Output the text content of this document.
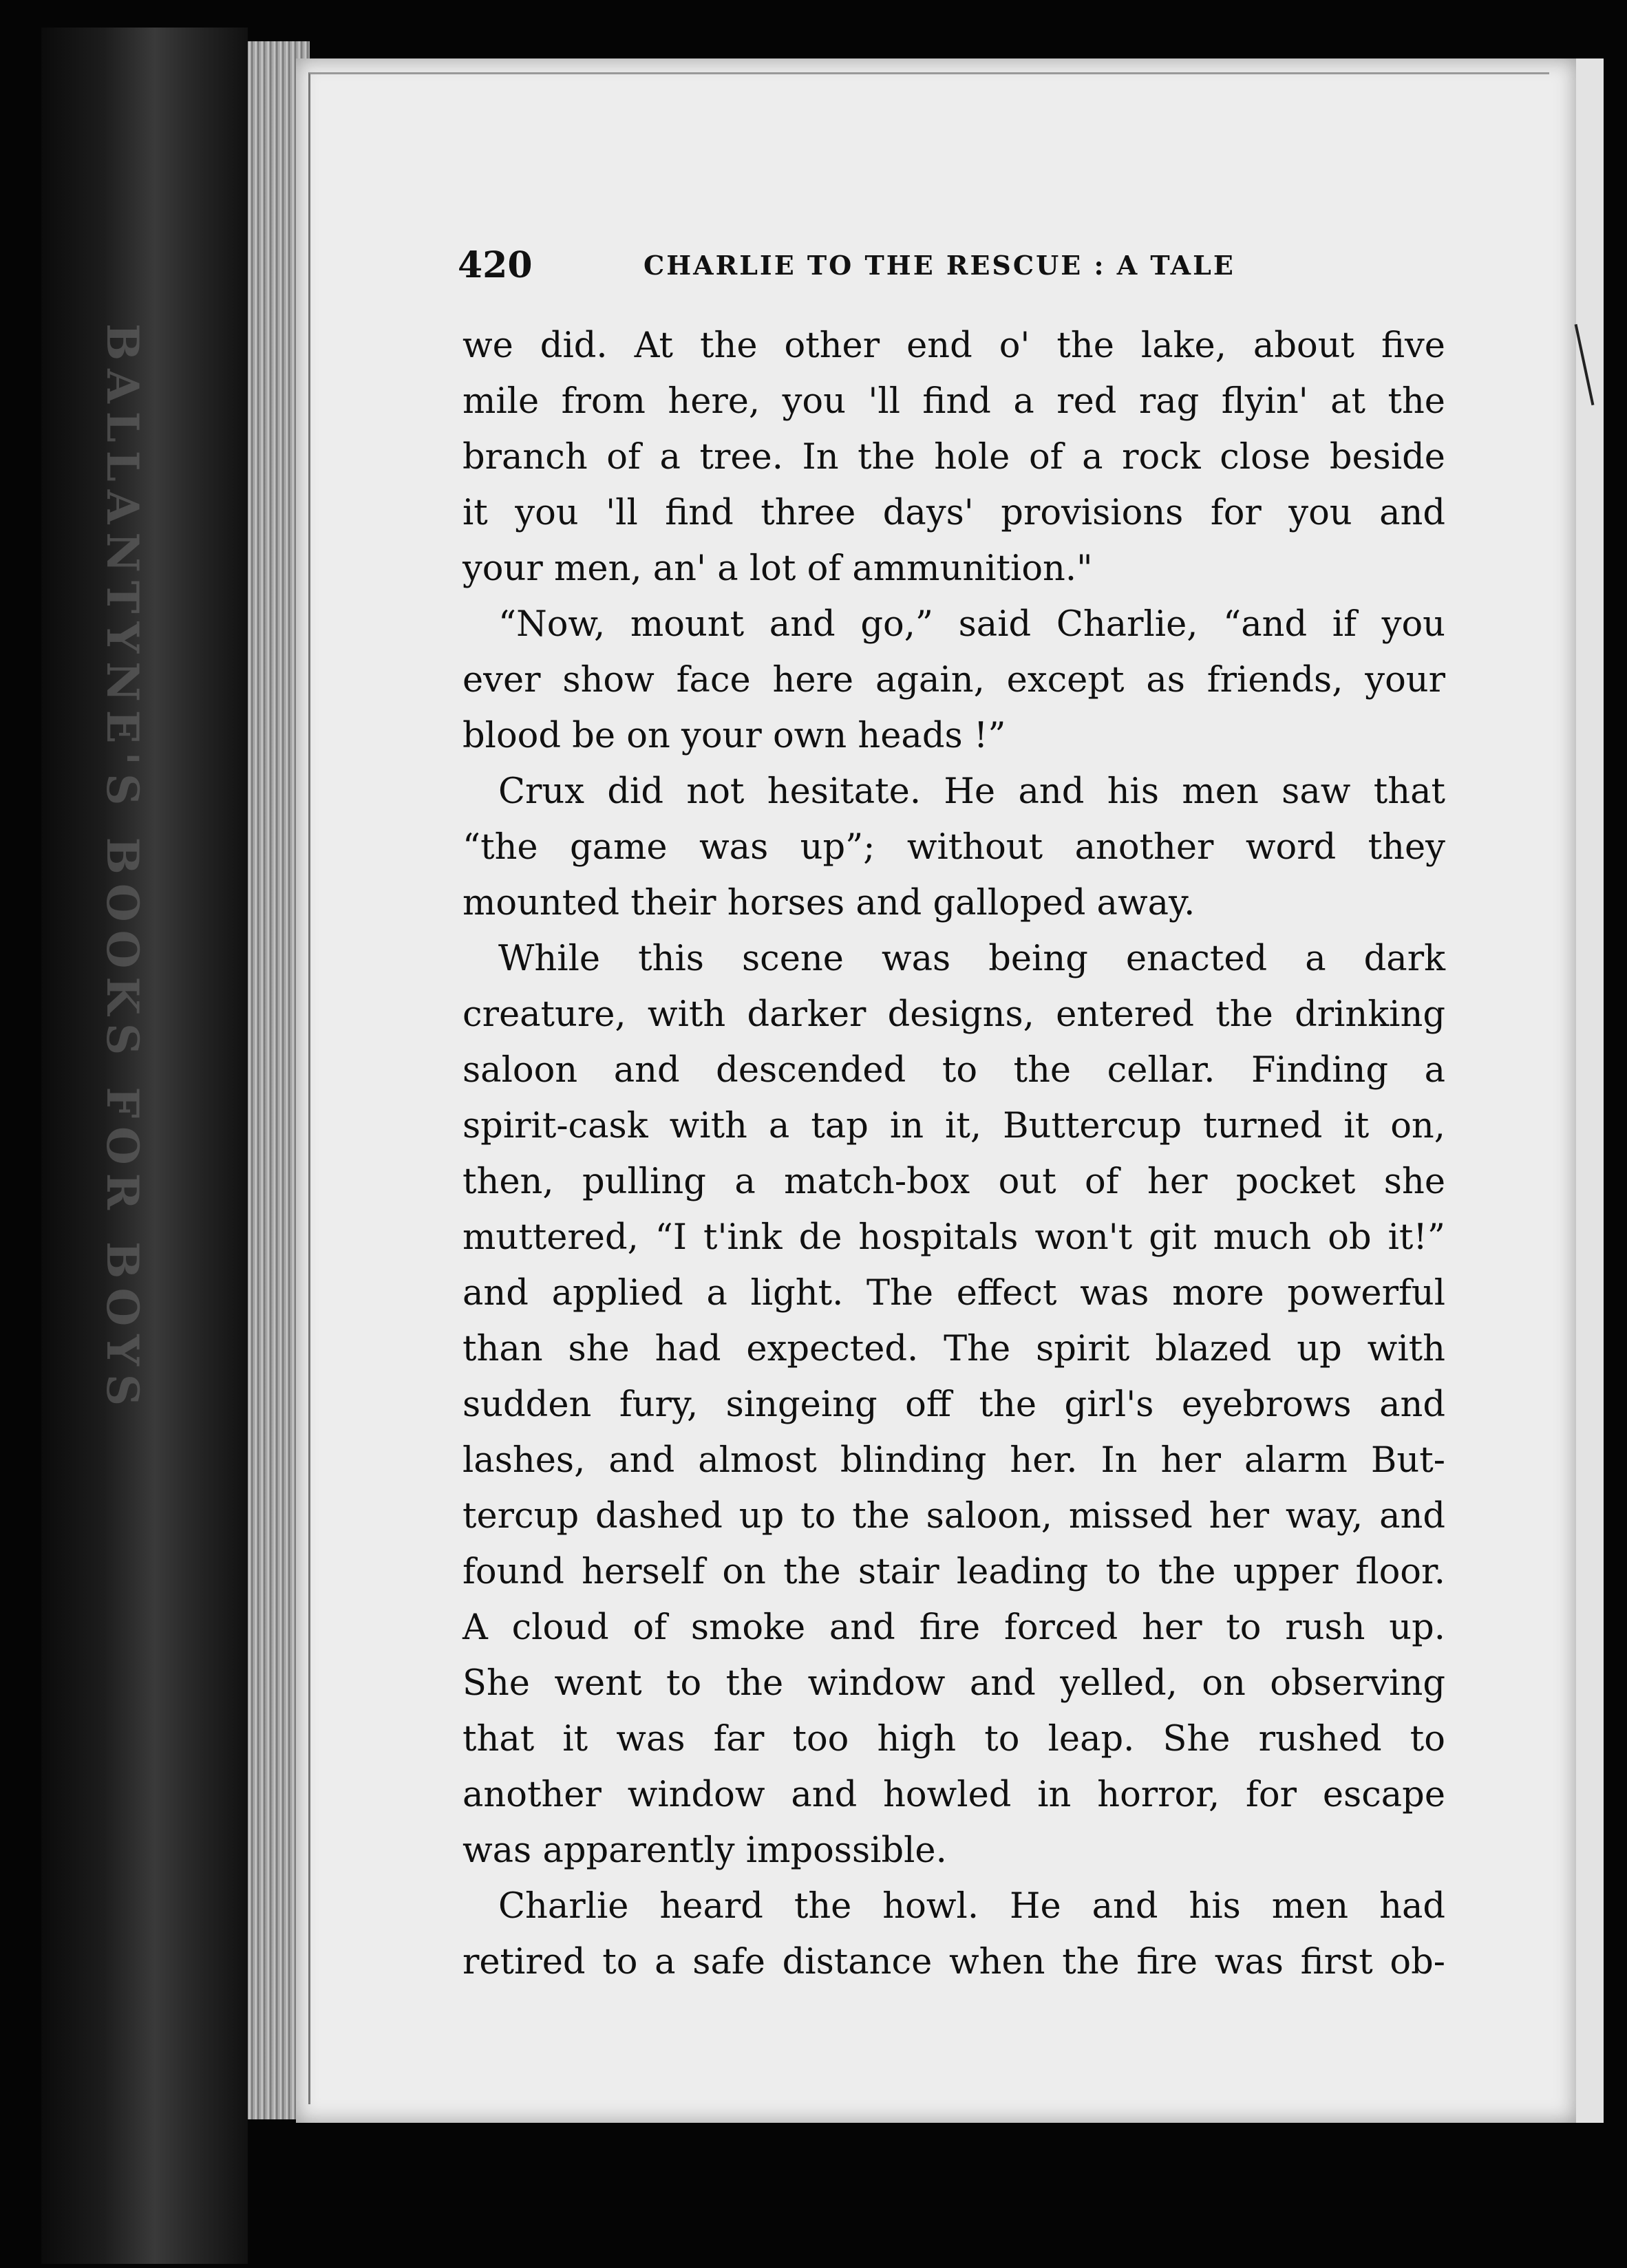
BALLANTYNE'S BOOKS FOR BOYS
420	CHARLIE TO THE RESCUE : A TALE
we did. At the other end o' the lake, about five
mile from here, you 'll find a red rag flyin' at the
branch of a tree. In the hole of a rock close beside
it you 'll find three days' provisions for you and
your men, an' a lot of ammunition."
“Now, mount and go,” said Charlie, “and if you
ever show face here again, except as friends, your
blood be on your own heads !”
Crux did not hesitate. He and his men saw that
“the game was up”; without another word they
mounted their horses and galloped away.
While this scene was being enacted a dark
creature, with darker designs, entered the drinking
saloon and descended to the cellar. Finding a
spirit-cask with a tap in it, Buttercup turned it on,
then, pulling a match-box out of her pocket she
muttered, “I t'ink de hospitals won't git much ob it!”
and applied a light. The effect was more powerful
than she had expected. The spirit blazed up with
sudden fury, singeing off the girl's eyebrows and
lashes, and almost blinding her. In her alarm But-
tercup dashed up to the saloon, missed her way, and
found herself on the stair leading to the upper floor.
A cloud of smoke and fire forced her to rush up.
She went to the window and yelled, on observing
that it was far too high to leap. She rushed to
another window and howled in horror, for escape
was apparently impossible.
Charlie heard the howl. He and his men had
retired to a safe distance when the fire was first ob-
